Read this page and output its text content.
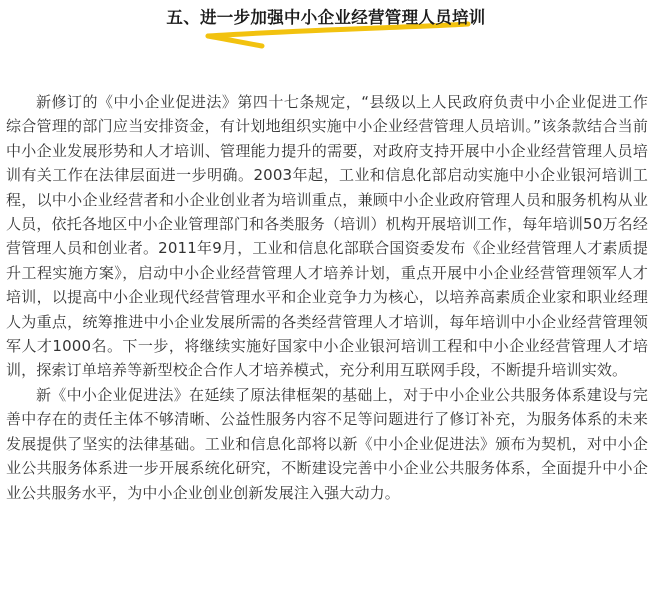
五、进一步加强中小企业经营管理人员培训

新修订的《中小企业促进法》第四十七条规定，“县级以上人民政府负责中小企业促进工作综合管理的部门应当安排资金，有计划地组织实施中小企业经营管理人员培训。”该条款结合当前中小企业发展形势和人才培训、管理能力提升的需要，对政府支持开展中小企业经营管理人员培训有关工作在法律层面进一步明确。2003年起，工业和信息化部启动实施中小企业银河培训工程，以中小企业经营者和小企业创业者为培训重点，兼顾中小企业政府管理人员和服务机构从业人员，依托各地区中小企业管理部门和各类服务（培训）机构开展培训工作，每年培训50万名经营管理人员和创业者。2011年9月，工业和信息化部联合国资委发布《企业经营管理人才素质提升工程实施方案》，启动中小企业经营管理人才培养计划，重点开展中小企业经营管理领军人才培训，以提高中小企业现代经营管理水平和企业竞争力为核心，以培养高素质企业家和职业经理人为重点，统筹推进中小企业发展所需的各类经营管理人才培训，每年培训中小企业经营管理领军人才1000名。下一步，将继续实施好国家中小企业银河培训工程和中小企业经营管理人才培训，探索订单培养等新型校企合作人才培养模式，充分利用互联网手段，不断提升培训实效。

新《中小企业促进法》在延续了原法律框架的基础上，对于中小企业公共服务体系建设与完善中存在的责任主体不够清晰、公益性服务内容不足等问题进行了修订补充，为服务体系的未来发展提供了坚实的法律基础。工业和信息化部将以新《中小企业促进法》颁布为契机，对中小企业公共服务体系进一步开展系统化研究，不断建设完善中小企业公共服务体系，全面提升中小企业公共服务水平，为中小企业创业创新发展注入强大动力。
